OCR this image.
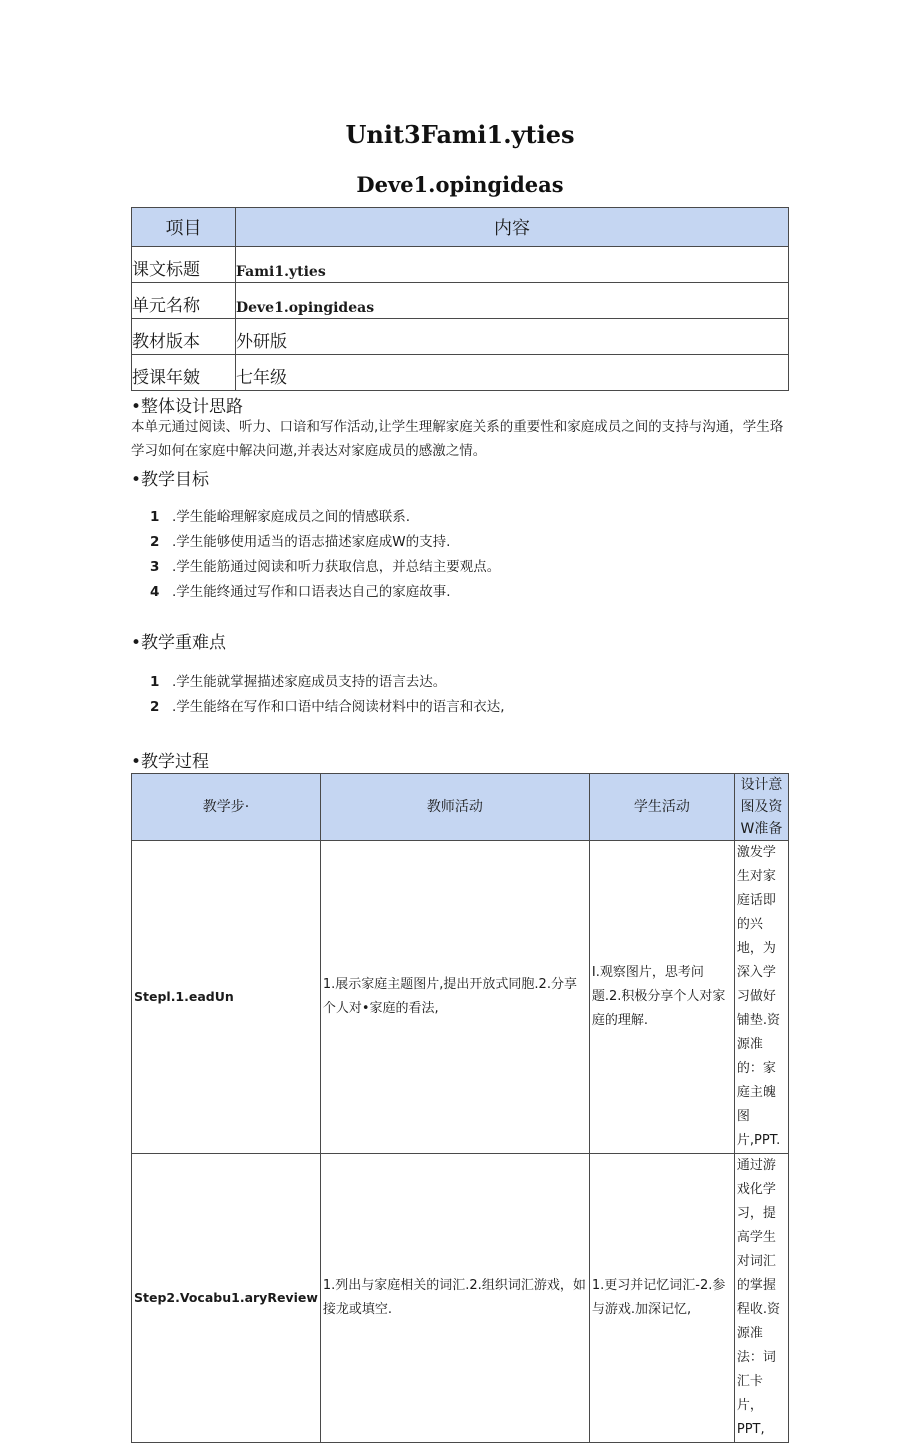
Unit3Fami1.yties
Deve1.opingideas
项目	内容
课文标题	Fami1.yties
单元名称	Deve1.opingideas
教材版本	外研版
授课年皴	七年级
•整体设计思路
本单元通过阅读、听力、口谙和写作活动,让学生理解家庭关系的重要性和家庭成员之间的支持与沟通，学生珞学习如何在家庭中解决问遨,并表达对家庭成员的感激之情。
•教学目标
1 .学生能峪理解家庭成员之间的情感联系.
2 .学生能够使用适当的语志描述家庭成W的支持.
3 .学生能筋通过阅读和听力获取信息，并总结主要观点。
4 .学生能终通过写作和口语表达自己的家庭故事.
•教学重难点
1 .学生能就掌握描述家庭成员支持的语言去达。
2 .学生能络在写作和口语中结合阅读材料中的语言和衣达,
•教学过程
教学步·	教师活动	学生活动	设计意图及资W准备
Stepl.1.eadUn	1.展示家庭主题图片,提出开放式同胞.2.分享个人对•家庭的看法,	I.观察图片，思考问题.2.积极分享个人对家庭的理解.	激发学生对家庭话即的兴地，为深入学习做好铺垫.资源准的：家庭主魄图片,PPT.
Step2.Vocabu1.aryReview	1.列出与家庭相关的词汇.2.组织词汇游戏，如接龙或填空.	1.更习并记忆词汇-2.参与游戏.加深记忆,	通过游戏化学习，提高学生对词汇的掌握程收.资源准法：词汇卡片，PPT,
